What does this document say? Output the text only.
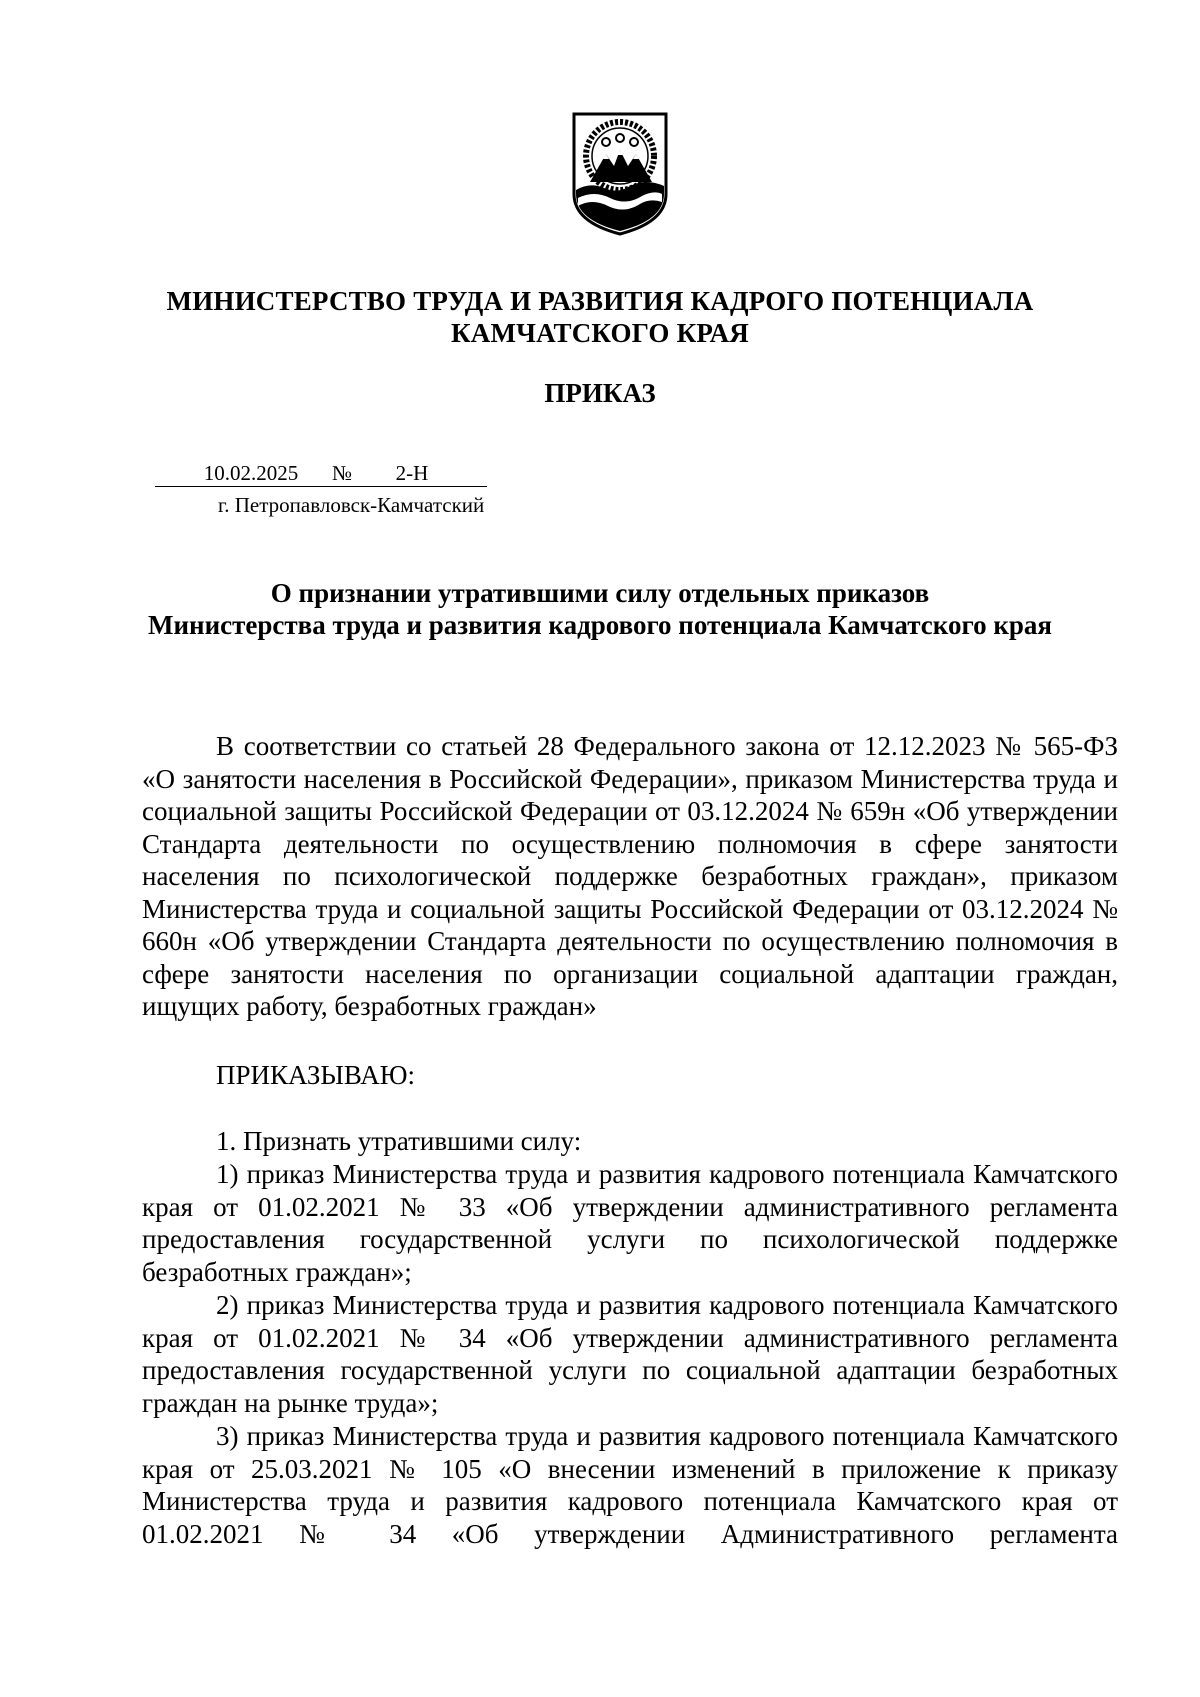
МИНИСТЕРСТВО ТРУДА И РАЗВИТИЯ КАДРОГО ПОТЕНЦИАЛА
КАМЧАТСКОГО КРАЯ
ПРИКАЗ
10.02.2025	№	2-Н
г. Петропавловск-Камчатский
О признании утратившими силу отдельных приказов
Министерства труда и развития кадрового потенциала Камчатского края
В соответствии со статьей 28 Федерального закона от 12.12.2023 № 565-ФЗ «О занятости населения в Российской Федерации», приказом Министерства труда и социальной защиты Российской Федерации от 03.12.2024 № 659н «Об утверждении Стандарта деятельности по осуществлению полномочия в сфере занятости населения по психологической поддержке безработных граждан», приказом Министерства труда и социальной защиты Российской Федерации от 03.12.2024 № 660н «Об утверждении Стандарта деятельности по осуществлению полномочия в сфере занятости населения по организации социальной адаптации граждан, ищущих работу, безработных граждан»
ПРИКАЗЫВАЮ:
1. Признать утратившими силу:
1) приказ Министерства труда и развития кадрового потенциала Камчатского края от 01.02.2021 № 33 «Об утверждении административного регламента предоставления государственной услуги по психологической поддержке безработных граждан»;
2) приказ Министерства труда и развития кадрового потенциала Камчатского края от 01.02.2021 № 34 «Об утверждении административного регламента предоставления государственной услуги по социальной адаптации безработных граждан на рынке труда»;
3) приказ Министерства труда и развития кадрового потенциала Камчатского края от 25.03.2021 № 105 «О внесении изменений в приложение к приказу Министерства труда и развития кадрового потенциала Камчатского края от 01.02.2021 № 34 «Об утверждении Административного регламента
